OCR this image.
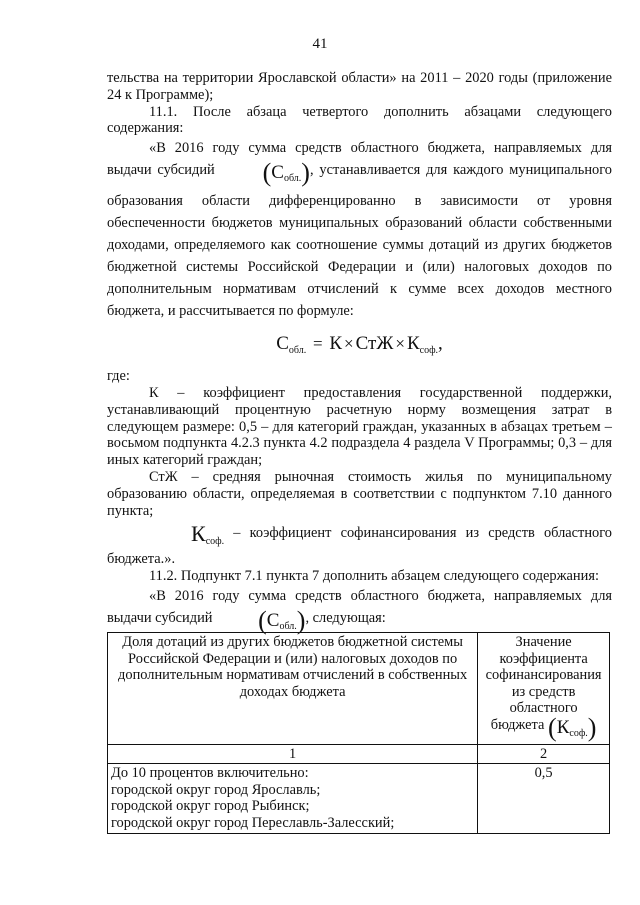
41

тельства на территории Ярославской области» на 2011 – 2020 годы (приложение 24 к Программе);

11.1. После абзаца четвертого дополнить абзацами следующего содержания:

«В 2016 году сумма средств областного бюджета, направляемых для выдачи субсидий $(С_{обл.})$, устанавливается для каждого муниципального образования области дифференцированно в зависимости от уровня обеспеченности бюджетов муниципальных образований области собственными доходами, определяемого как соотношение суммы дотаций из других бюджетов бюджетной системы Российской Федерации и (или) налоговых доходов по дополнительным нормативам отчислений к сумме всех доходов местного бюджета, и рассчитывается по формуле:

$С_{обл.} = К$ × СтЖ × $К_{соф.}$,

где:

К – коэффициент предоставления государственной поддержки, устанавливающий процентную расчетную норму возмещения затрат в следующем размере: 0,5 – для категорий граждан, указанных в абзацах третьем – восьмом подпункта 4.2.3 пункта 4.2 подраздела 4 раздела V Программы; 0,3 – для иных категорий граждан;

СтЖ – средняя рыночная стоимость жилья по муниципальному образованию области, определяемая в соответствии с подпунктом 7.10 данного пункта;

$К_{соф.}$ – коэффициент софинансирования из средств областного бюджета.».

11.2. Подпункт 7.1 пункта 7 дополнить абзацем следующего содержания:

«В 2016 году сумма средств областного бюджета, направляемых для выдачи субсидий $(С_{обл.})$, следующая:

Доля дотаций из других бюджетов бюджетной системы Российской Федерации и (или) налоговых доходов по дополнительным нормативам отчислений в собственных доходах бюджета	Значение коэффициента софинансирования из средств областного бюджета $(К_{соф.})$
1	2

До 10 процентов включительно:
городской округ город Ярославль;
городской округ город Рыбинск;
городской округ город Переславль-Залесский;	0,5
